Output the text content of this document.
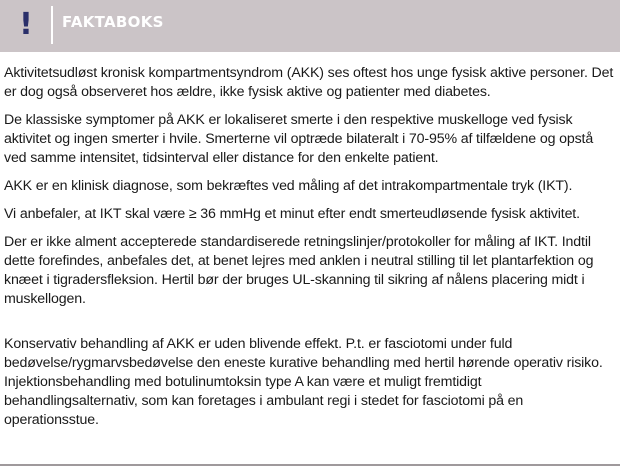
! FAKTABOKS

Aktivitetsudløst kronisk kompartmentsyndrom (AKK) ses oftest hos unge fysisk aktive personer. Det er dog også observeret hos ældre, ikke fysisk aktive og patienter med diabetes.

De klassiske symptomer på AKK er lokaliseret smerte i den respektive muskelloge ved fysisk aktivitet og ingen smerter i hvile. Smerterne vil optræde bilateralt i 70-95% af tilfældene og opstå ved samme intensitet, tidsinterval eller distance for den enkelte patient.

AKK er en klinisk diagnose, som bekræftes ved måling af det intrakompartmentale tryk (IKT).

Vi anbefaler, at IKT skal være ≥ 36 mmHg et minut efter endt smerteudløsende fysisk aktivitet.

Der er ikke alment accepterede standardiserede retningslinjer/protokoller for måling af IKT. Indtil dette forefindes, anbefales det, at benet lejres med anklen i neutral stilling til let plantarfektion og knæet i tigradersfleksion. Hertil bør der bruges UL-skanning til sikring af nålens placering midt i muskellogen.

Konservativ behandling af AKK er uden blivende effekt. P.t. er fasciotomi under fuld bedøvelse/rygmarvsbedøvelse den eneste kurative behandling med hertil hørende operativ risiko. Injektionsbehandling med botulinumtoksin type A kan være et muligt fremtidigt behandlingsalternativ, som kan foretages i ambulant regi i stedet for fasciotomi på en operationsstue.
